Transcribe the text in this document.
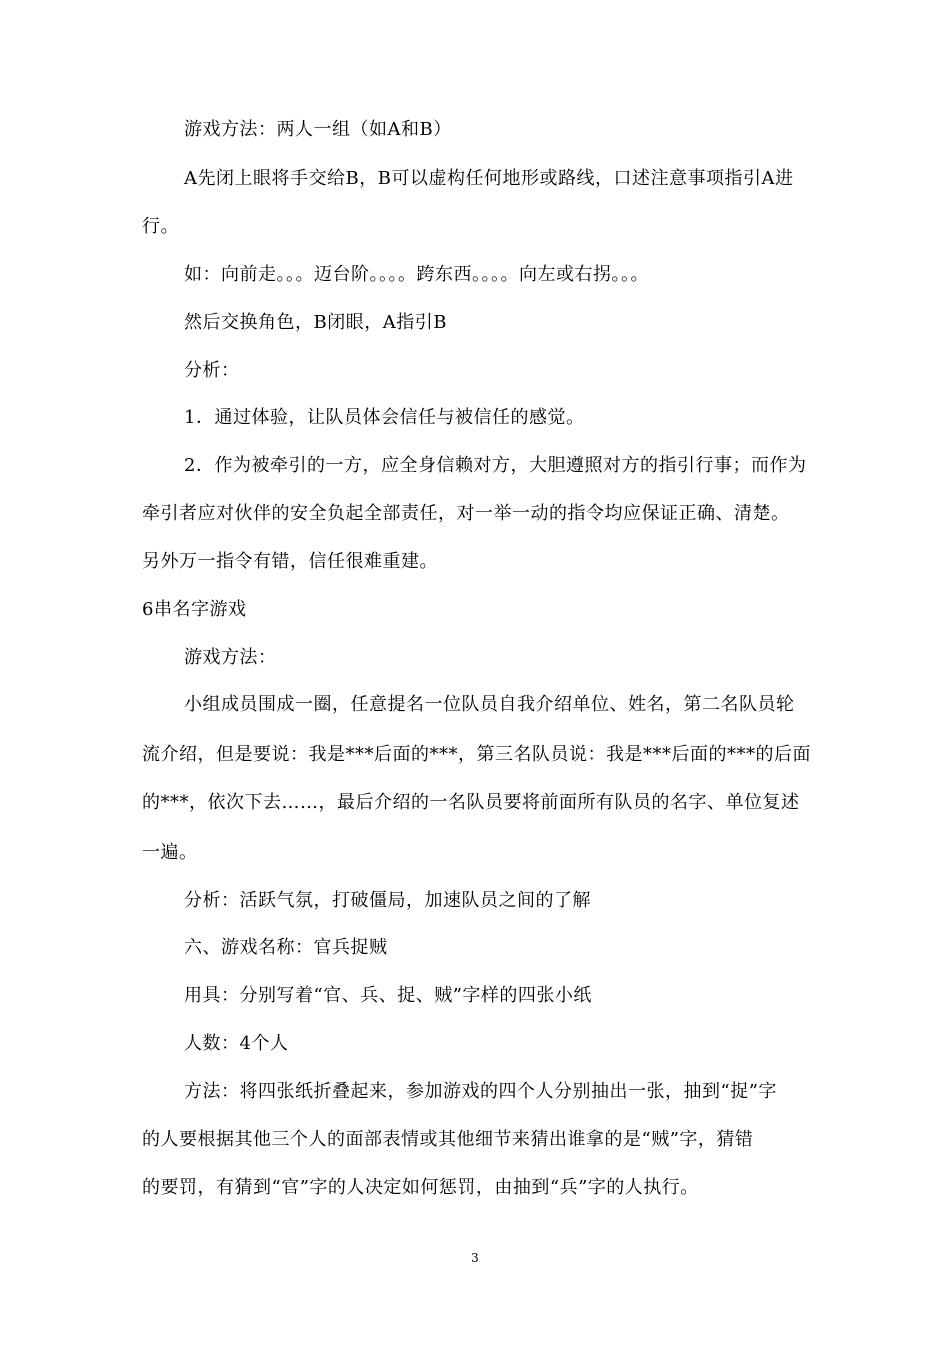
游戏方法：两人一组（如A和B）
A先闭上眼将手交给B，B可以虚构任何地形或路线，口述注意事项指引A进
行。
如：向前走。。。迈台阶。。。。跨东西。。。。向左或右拐。。。
然后交换角色，B闭眼，A指引B
分析：
1．通过体验，让队员体会信任与被信任的感觉。
2．作为被牵引的一方，应全身信赖对方，大胆遵照对方的指引行事；而作为
牵引者应对伙伴的安全负起全部责任，对一举一动的指令均应保证正确、清楚。
另外万一指令有错，信任很难重建。
6串名字游戏
游戏方法：
小组成员围成一圈，任意提名一位队员自我介绍单位、姓名，第二名队员轮
流介绍，但是要说：我是***后面的***，第三名队员说：我是***后面的***的后面
的***，依次下去……，最后介绍的一名队员要将前面所有队员的名字、单位复述
一遍。
分析：活跃气氛，打破僵局，加速队员之间的了解
六、游戏名称：官兵捉贼
用具：分别写着“官、兵、捉、贼”字样的四张小纸
人数：4个人
方法：将四张纸折叠起来，参加游戏的四个人分别抽出一张，抽到“捉”字
的人要根据其他三个人的面部表情或其他细节来猜出谁拿的是“贼”字，猜错
的要罚，有猜到“官”字的人决定如何惩罚，由抽到“兵”字的人执行。
3
